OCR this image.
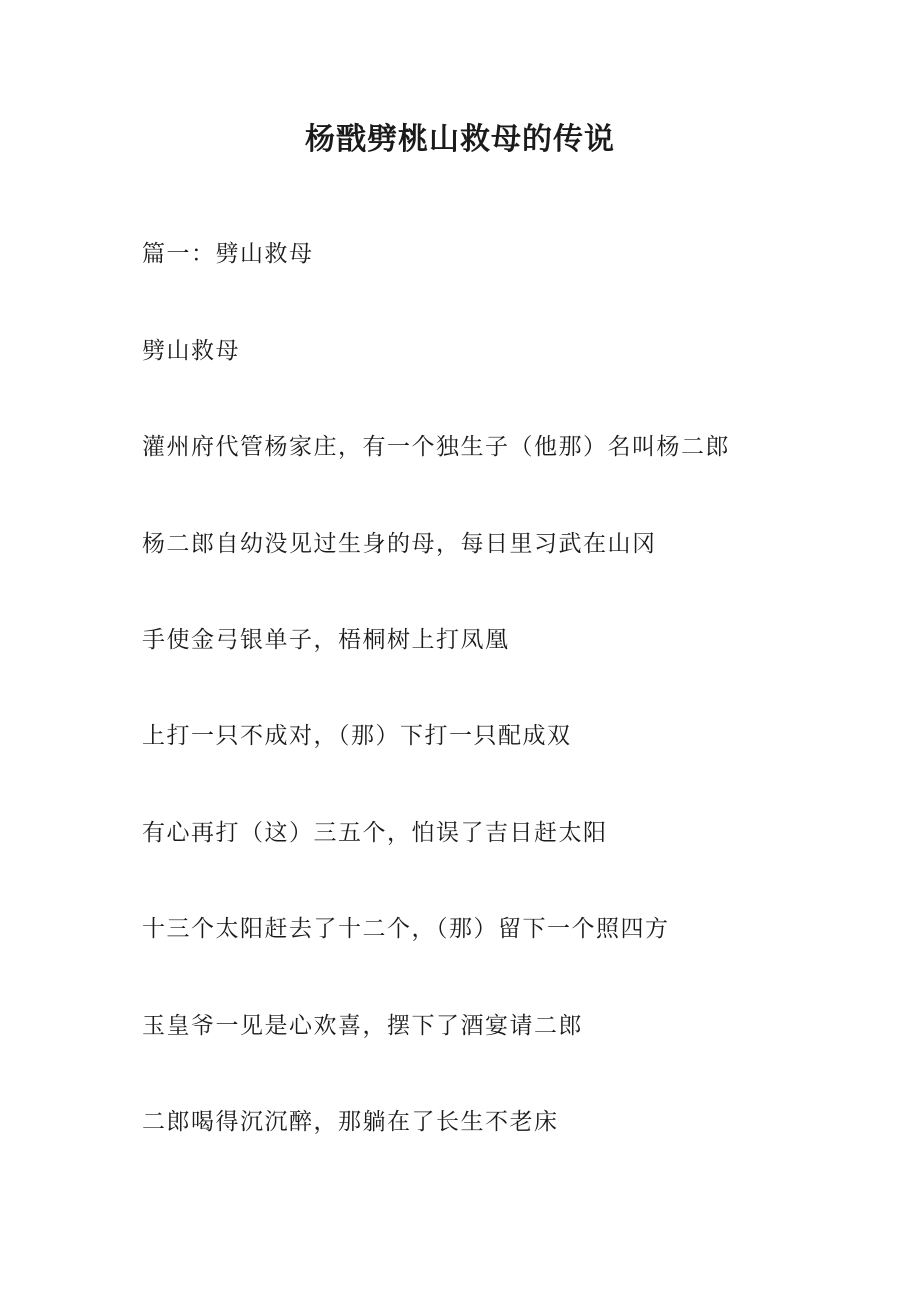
杨戬劈桃山救母的传说

篇一：劈山救母

劈山救母

灌州府代管杨家庄，有一个独生子（他那）名叫杨二郎

杨二郎自幼没见过生身的母，每日里习武在山冈

手使金弓银单子，梧桐树上打凤凰

上打一只不成对，（那）下打一只配成双

有心再打（这）三五个，怕误了吉日赶太阳

十三个太阳赶去了十二个，（那）留下一个照四方

玉皇爷一见是心欢喜，摆下了酒宴请二郎

二郎喝得沉沉醉，那躺在了长生不老床
